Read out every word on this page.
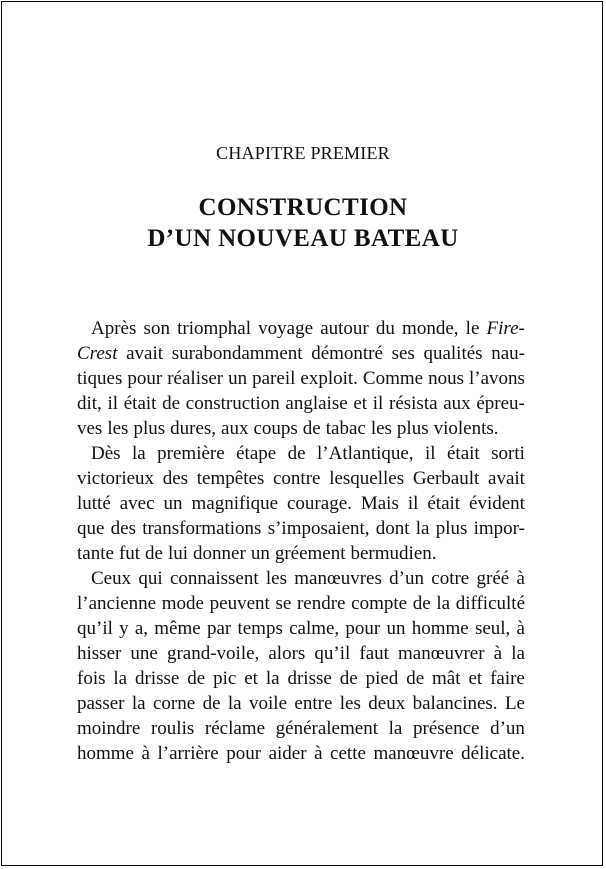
CHAPITRE PREMIER
CONSTRUCTION
D’UN NOUVEAU BATEAU
Après son triomphal voyage autour du monde, le Fire-
Crest avait surabondamment démontré ses qualités nau-
tiques pour réaliser un pareil exploit. Comme nous l’avons
dit, il était de construction anglaise et il résista aux épreu-
ves les plus dures, aux coups de tabac les plus violents.
Dès la première étape de l’Atlantique, il était sorti
victorieux des tempêtes contre lesquelles Gerbault avait
lutté avec un magnifique courage. Mais il était évident
que des transformations s’imposaient, dont la plus impor-
tante fut de lui donner un gréement bermudien.
Ceux qui connaissent les manœuvres d’un cotre gréé à
l’ancienne mode peuvent se rendre compte de la difficulté
qu’il y a, même par temps calme, pour un homme seul, à
hisser une grand-voile, alors qu’il faut manœuvrer à la
fois la drisse de pic et la drisse de pied de mât et faire
passer la corne de la voile entre les deux balancines. Le
moindre roulis réclame généralement la présence d’un
homme à l’arrière pour aider à cette manœuvre délicate.
